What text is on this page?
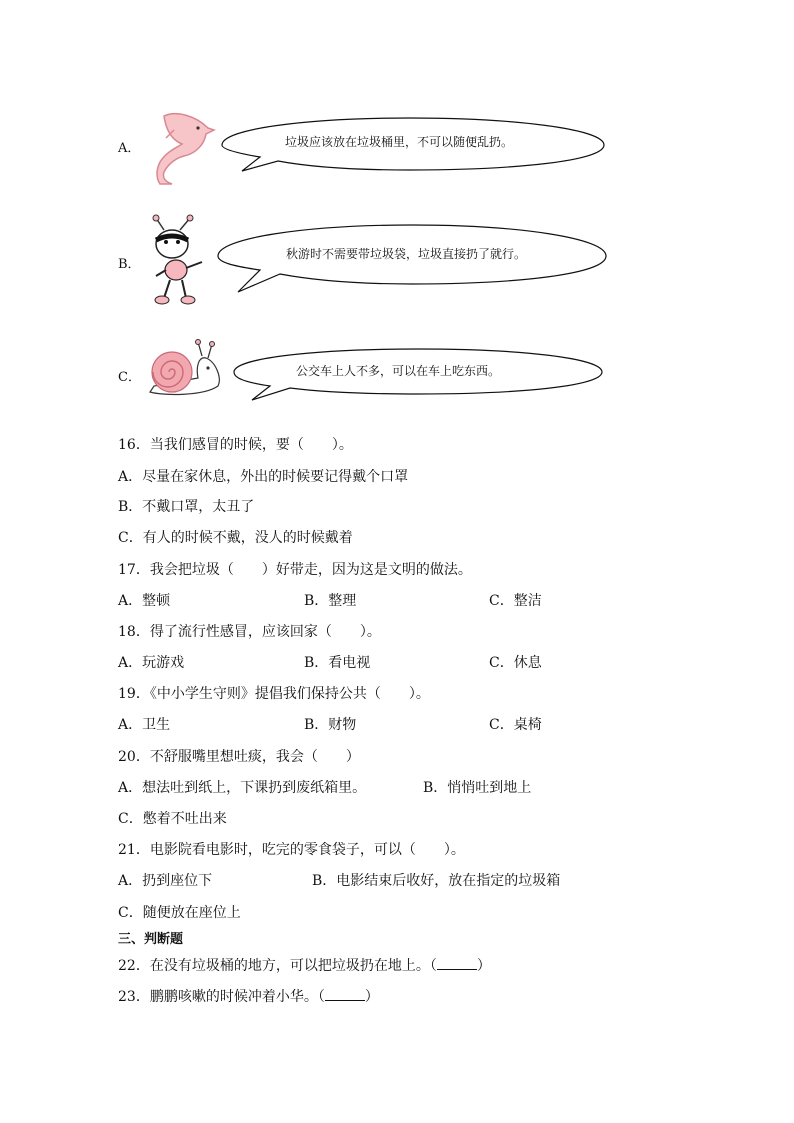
A．	垃圾应该放在垃圾桶里，不可以随便乱扔。
B．
秋游时不需要带垃圾袋，垃圾直接扔了就行。
C．	公交车上人不多，可以在车上吃东西。
16．当我们感冒的时候，要（　　）。
A．尽量在家休息，外出的时候要记得戴个口罩
B．不戴口罩，太丑了
C．有人的时候不戴，没人的时候戴着
17．我会把垃圾（　　）好带走，因为这是文明的做法。
A．整顿	B．整理	C．整洁
18．得了流行性感冒，应该回家（　　）。
A．玩游戏	B．看电视	C．休息
19．《中小学生守则》提倡我们保持公共（　　）。
A．卫生	B．财物	C．桌椅
20．不舒服嘴里想吐痰，我会（　　）
A．想法吐到纸上，下课扔到废纸箱里。	B．悄悄吐到地上
C．憋着不吐出来
21．电影院看电影时，吃完的零食袋子，可以（　　）。
A．扔到座位下	B．电影结束后收好，放在指定的垃圾箱
C．随便放在座位上
三、判断题
22．在没有垃圾桶的地方，可以把垃圾扔在地上。（	）
23．鹏鹏咳嗽的时候冲着小华。（	）
